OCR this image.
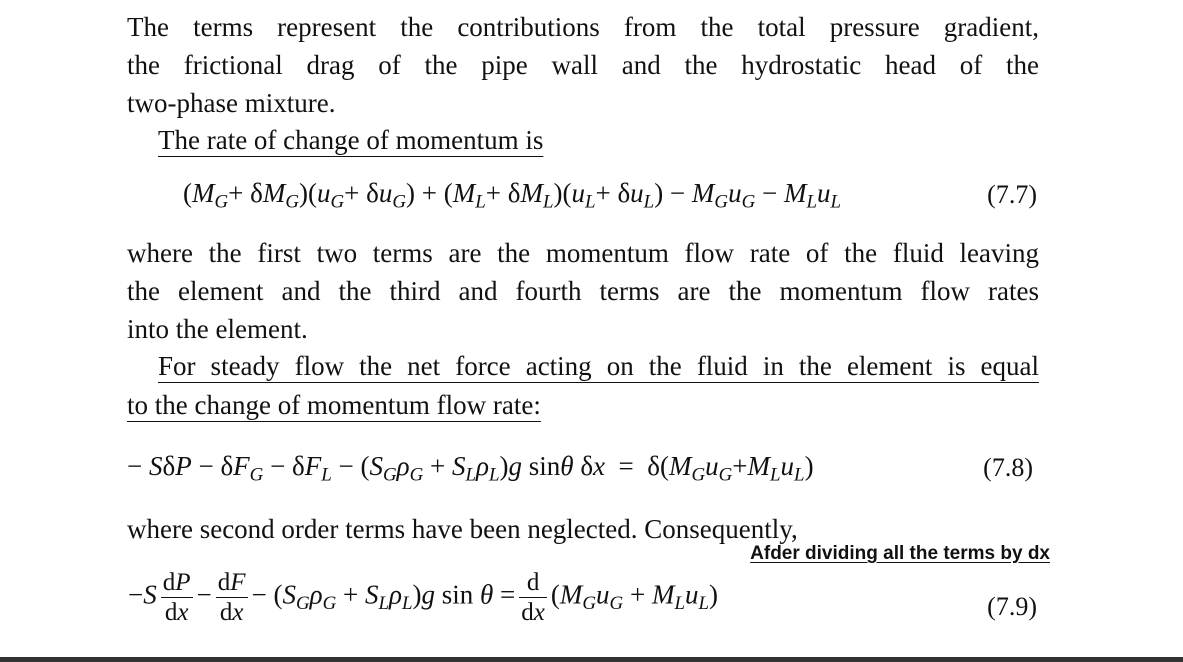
The terms represent the contributions from the total pressure gradient,
the frictional drag of the pipe wall and the hydrostatic head of the
two-phase mixture.
The rate of change of momentum is
$(M_G+ \delta M_G)(u_G+ \delta u_G) + (M_L+ \delta M_L)(u_L+ \delta u_L) - M_Gu_G - M_Lu_L$	(7.7)
where the first two terms are the momentum flow rate of the fluid leaving
the element and the third and fourth terms are the momentum flow rates
into the element.
For steady flow the net force acting on the fluid in the element is equal
to the change of momentum flow rate:
− $S\delta P - \delta F_G - \delta F_L - (S_G\rho_G + S_L\rho_L)g$ sinθ $\delta x = \delta(M_Gu_G+M_Lu_L)$	(7.8)
where second order terms have been neglected. Consequently,
Afder dividing all the terms by dx
$-S \frac{dP}{dx} - \frac{dF}{dx} - (S_G\rho_G + S_L\rho_L)g$ $\sin \theta = \frac{d}{dx} (M_Gu_G + M_Lu_L)$	(7.9)
